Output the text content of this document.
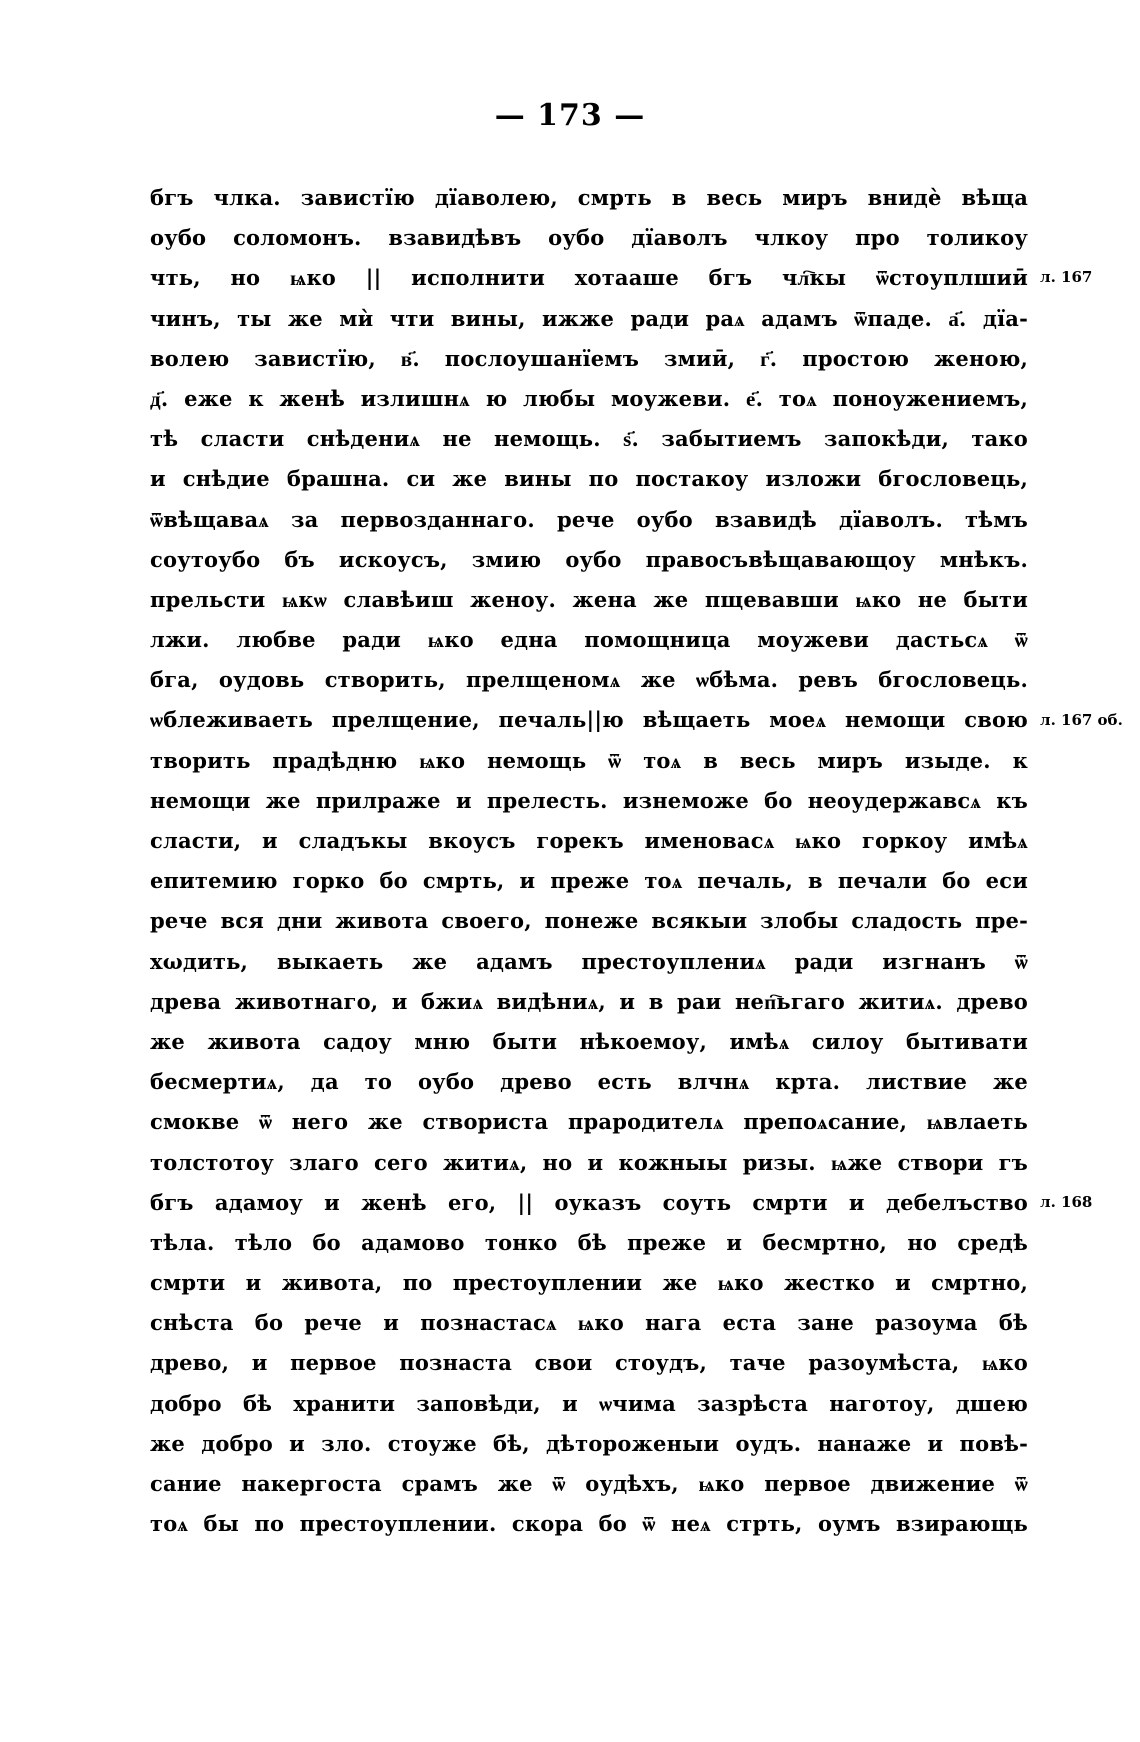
— 173 —
бгъ члка. завистїю дїаволею, смрть в весь миръ внидѐ вѣща
оубо соломонъ. взавидѣвъ оубо дїаволъ члкоу про толикоу
чть, но ѩко || исполнити хотааше бгъ чл҇кы ѿстоуплшиӣ
чинъ, ты же мѝ чти вины, ижже ради раѧ адамъ ѿпаде. а҃. дїа-
волею завистїю, в҃. послоушанїемъ змиӣ, г҃. простою женою,
д҃. еже к женѣ излишнѧ ю любы моужеви. е҃. тоѧ поноужениемъ,
тѣ сласти снѣдениѧ не немощь. ѕ҃. забытиемъ запокѣди, тако
и снѣдие брашна. си же вины по постакоу изложи бгословець,
ѿвѣщаваѧ за первозданнаго. рече оубо взавидѣ дїаволъ. тѣмъ
соутоубо бъ искоусъ, змию оубо правосъвѣщавающоу мнѣкъ.
прельсти ѩкѡ славѣиш женоу. жена же пщевавши ѩко не быти
лжи. любве ради ѩко една помощница моужеви дастьсѧ ѿ
бга, оудовь створить, прелщеномѧ же ѡбѣма. ревъ бгословець.
ѡблеживаеть прелщение, печаль||ю вѣщаеть моеѧ немощи свою
творить прадѣдню ѩко немощь ѿ тоѧ в весь миръ изыде. к
немощи же прилраже и прелесть. изнеможе бо неоудержавсѧ къ
сласти, и сладъкы вкоусъ горекъ именовасѧ ѩко горкоу имѣѧ
епитемию горко бо смрть, и преже тоѧ печаль, в печали бо еси
рече вся дни живота своего, понеже всякыи злобы сладость пре-
хωдить, выкаеть же адамъ престоуплениѧ ради изгнанъ ѿ
древа животнаго, и бжиѧ видѣниѧ, и в раи неп҇ьгаго житиѧ. древо
же живота садоу мню быти нѣкоемоу, имѣѧ силоу бытивати
бесмертиѧ, да то оубо древо есть влчнѧ крта. листвие же
смокве ѿ него же створиста прародителѧ препоѧсание, ѩвлаеть
толстотоу злаго сего житиѧ, но и кожныы ризы. ѩже створи гъ
бгъ адамоу и женѣ его, || оуказъ соуть смрти и дебелъство
тѣла. тѣло бо адамово тонко бѣ преже и бесмртно, но средѣ
смрти и живота, по престоуплении же ѩко жестко и смртно,
снѣста бо рече и познастасѧ ѩко нага еста зане разоума бѣ
древо, и первое познаста свои стоудъ, таче разоумѣста, ѩко
добро бѣ хранити заповѣди, и ѡчима зазрѣста наготоу, дшею
же добро и зло. стоуже бѣ, дѣтороженыи оудъ. нанаже и повѣ-
сание накергоста срамъ же ѿ оудѣхъ, ѩко первое движение ѿ
тоѧ бы по престоуплении. скора бо ѿ неѧ стрть, оумъ взирающь
л. 167
л. 167 об.
л. 168
